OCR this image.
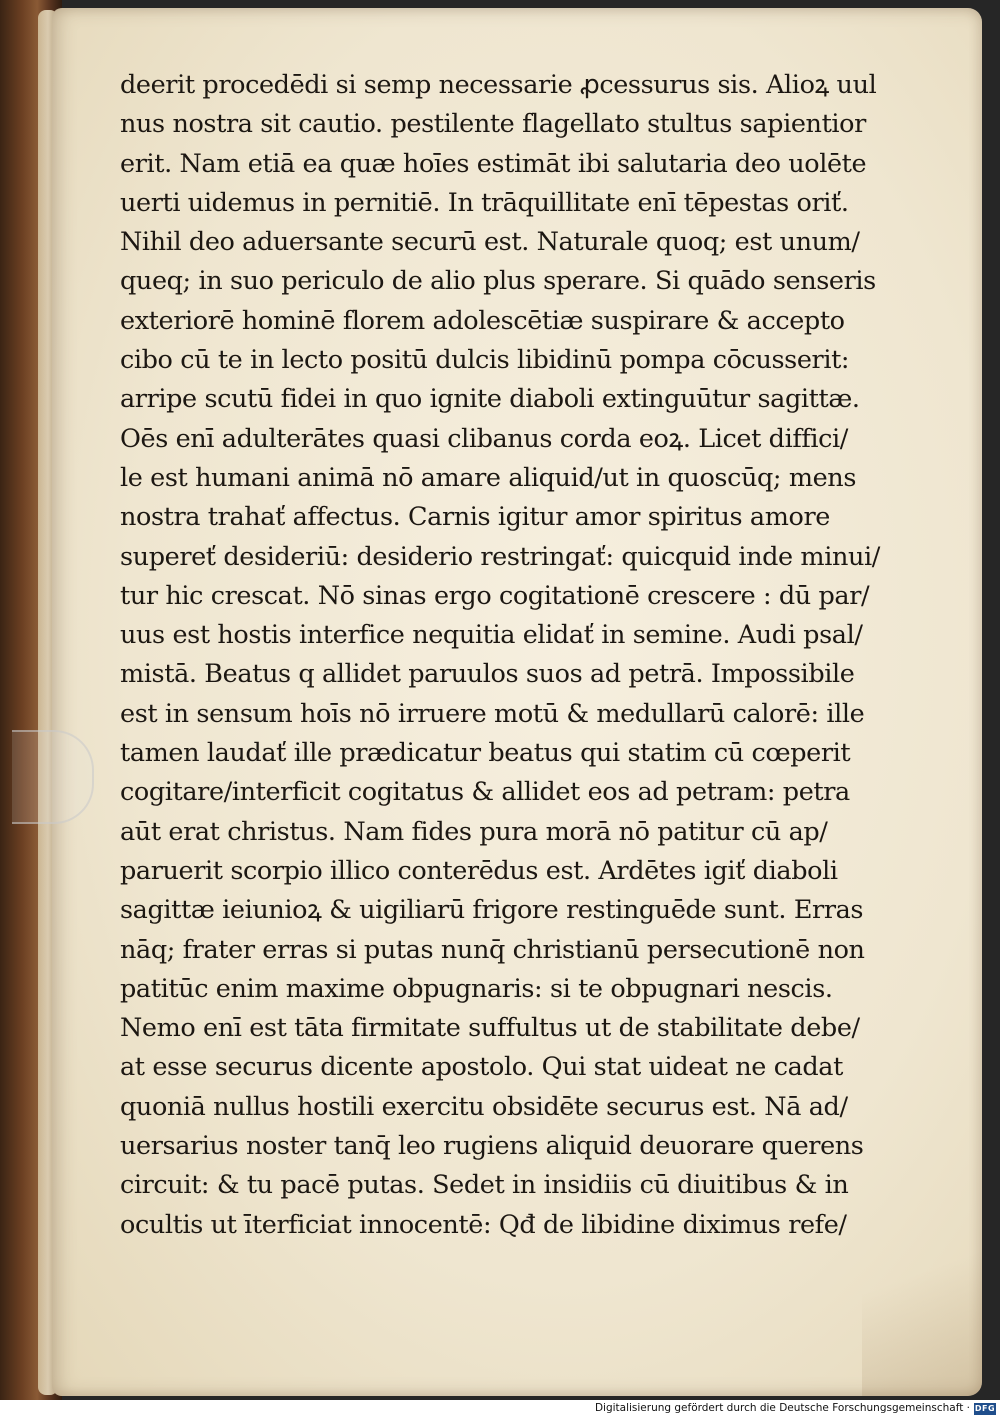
deerit procedēdi si semp necessarie ꝓcessurus sis. Alioꝝ uul
nus nostra sit cautio. pestilente flagellato stultus sapientior
erit. Nam etiā ea quæ hoīes estimāt ibi salutaria deo uolēte
uerti uidemus in pernitiē. In trāquillitate enī tēpestas oriť.
Nihil deo aduersante securū est. Naturale quoq; est unum/
queq; in suo periculo de alio plus sperare. Si quādo senseris
exteriorē hominē florem adolescētiæ suspirare & accepto
cibo cū te in lecto positū dulcis libidinū pompa cōcusserit:
arripe scutū fidei in quo ignite diaboli extinguūtur sagittæ.
Oēs enī adulterātes quasi clibanus corda eoꝝ. Licet diffici/
le est humani animā nō amare aliquid/ut in quoscūq; mens
nostra trahať affectus. Carnis igitur amor spiritus amore
supereť desideriū: desiderio restringať: quicquid inde minui/
tur hic crescat. Nō sinas ergo cogitationē crescere : dū par/
uus est hostis interfice nequitia elidať in semine. Audi psal/
mistā. Beatus q allidet paruulos suos ad petrā. Impossibile
est in sensum hoīs nō irruere motū & medullarū calorē: ille
tamen laudať ille prædicatur beatus qui statim cū cœperit
cogitare/interficit cogitatus & allidet eos ad petram: petra
aūt erat christus. Nam fides pura morā nō patitur cū ap/
paruerit scorpio illico conterēdus est. Ardētes igiť diaboli
sagittæ ieiunioꝝ & uigiliarū frigore restinguēde sunt. Erras
nāq; frater erras si putas nunq̄ christianū persecutionē non
patitūc enim maxime obpugnaris: si te obpugnari nescis.
Nemo enī est tāta firmitate suffultus ut de stabilitate debe/
at esse securus dicente apostolo. Qui stat uideat ne cadat
quoniā nullus hostili exercitu obsidēte securus est. Nā ad/
uersarius noster tanq̄ leo rugiens aliquid deuorare querens
circuit: & tu pacē putas. Sedet in insidiis cū diuitibus & in
ocultis ut īterficiat innocentē: Qđ de libidine diximus refe/
Digitalisierung gefördert durch die Deutsche Forschungsgemeinschaft · DFG
